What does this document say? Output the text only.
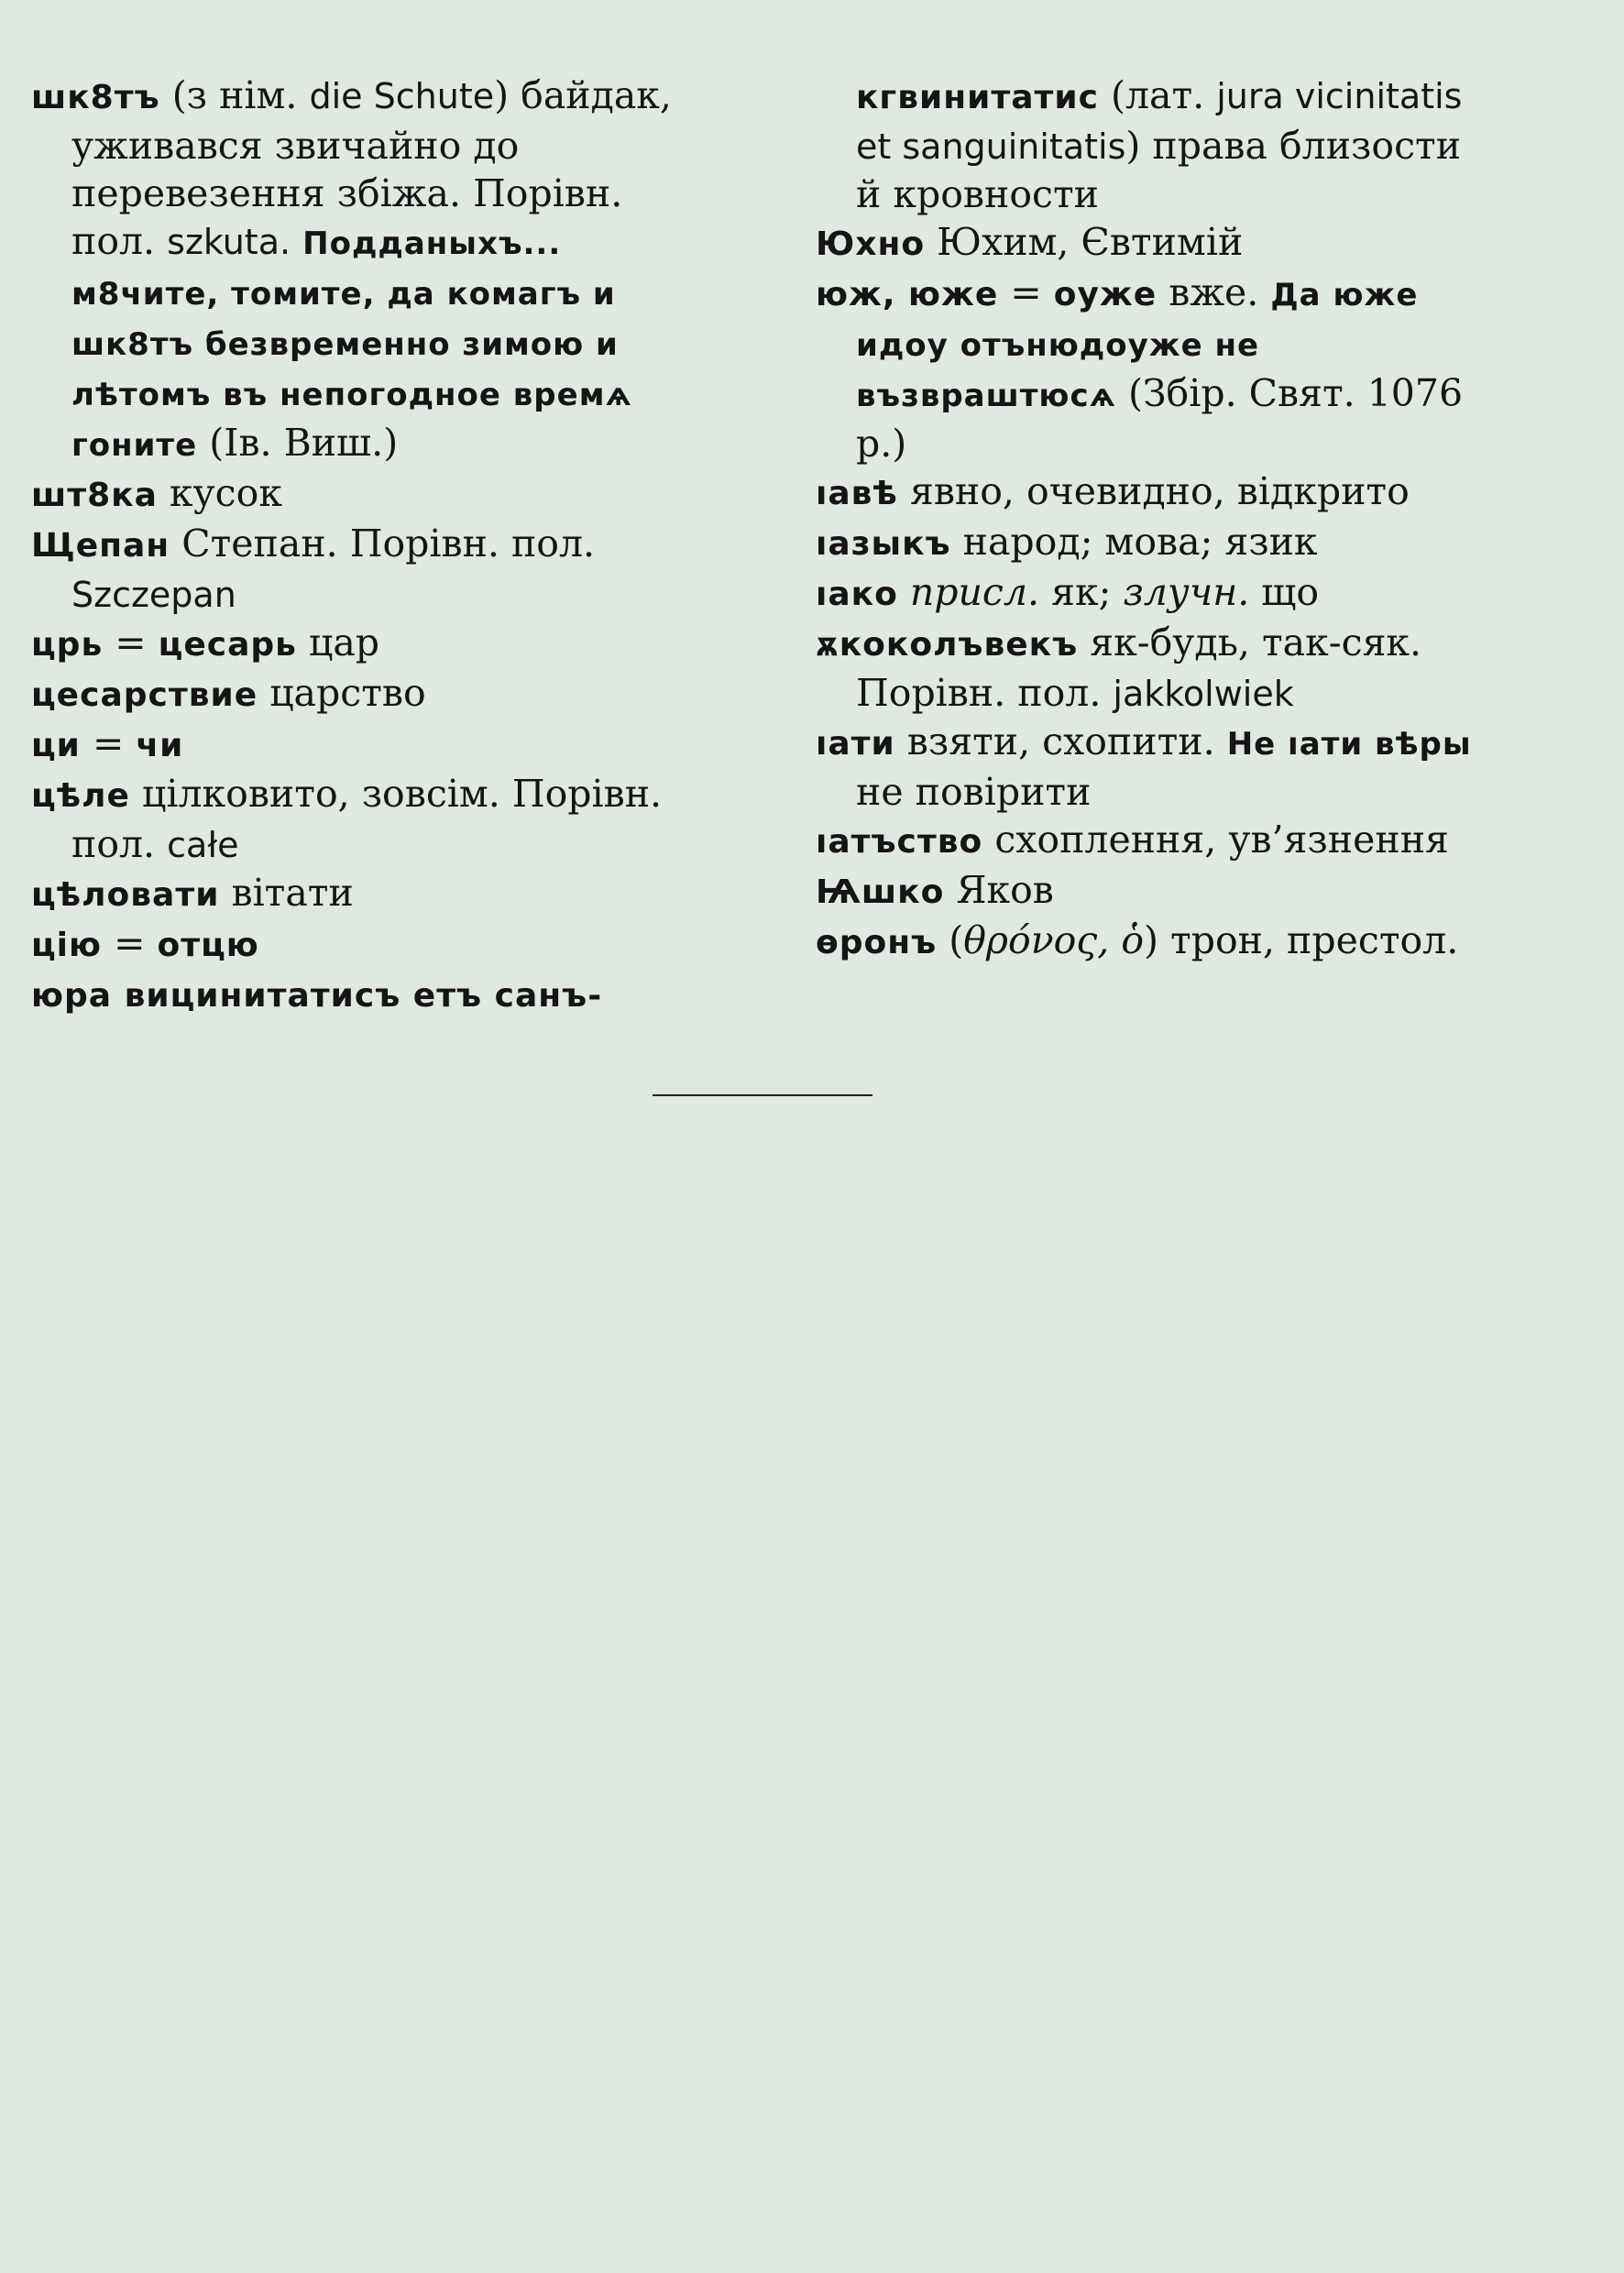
шк8тъ (з нім. die Schute) байдак, уживався звичайно до перевезення збіжа. Порівн. пол. szkuta. Подданыхъ... м8чите, томите, да комагъ и шк8тъ безвременно зимою и лѣтомъ въ непогодное времѧ гоните (Ів. Виш.)

шт8ка кусок

Щепан Степан. Порівн. пол. Szczepan

црь = цесарь цар

цесарствие царство

ци = чи

цѣле цілковито, зовсім. Порівн. пол. całe

цѣловати вітати

цію = отцю

юра вицинитатисъ етъ санъ-

кгвинитатис (лат. jura vicinitatis et sanguinitatis) права близости й кровности

Юхно Юхим, Євтимій

юж, юже = оуже вже. Да юже идоу отънюдоуже не възвраштюсѧ (Збір. Свят. 1076 р.)

ıавѣ явно, очевидно, відкрито

ıазыкъ народ; мова; язик

ıако присл. як; злучн. що

ѫкоколъвекъ як-будь, так-сяк. Порівн. пол. jakkolwiek

ıати взяти, схопити. Не ıати вѣры не повірити

ıатъство схоплення, ув’язнення

Ѩшко Яков

ѳронъ (θρόνος, ὁ) трон, престол.
